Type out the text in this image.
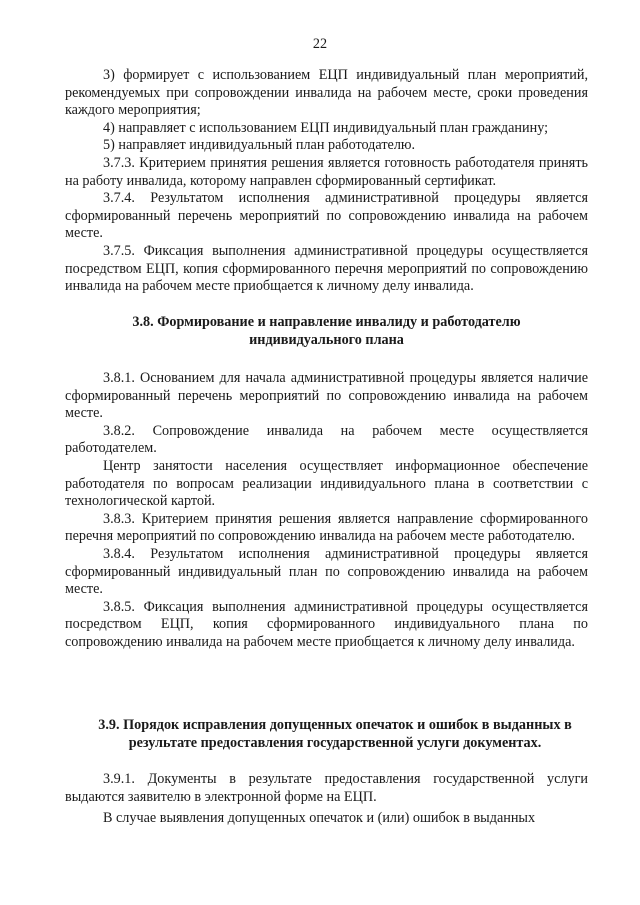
22

3) формирует с использованием ЕЦП индивидуальный план мероприятий, рекомендуемых при сопровождении инвалида на рабочем месте, сроки проведения каждого мероприятия;

4) направляет с использованием ЕЦП индивидуальный план гражданину;

5) направляет индивидуальный план работодателю.

3.7.3. Критерием принятия решения является готовность работодателя принять на работу инвалида, которому направлен сформированный сертификат.

3.7.4. Результатом исполнения административной процедуры является сформированный перечень мероприятий по сопровождению инвалида на рабочем месте.

3.7.5. Фиксация выполнения административной процедуры осуществляется посредством ЕЦП, копия сформированного перечня мероприятий по сопровождению инвалида на рабочем месте приобщается к личному делу инвалида.

3.8. Формирование и направление инвалиду и работодателю

индивидуального плана

3.8.1. Основанием для начала административной процедуры является наличие сформированный перечень мероприятий по сопровождению инвалида на рабочем месте.

3.8.2. Сопровождение инвалида на рабочем месте осуществляется работодателем.

Центр занятости населения осуществляет информационное обеспечение работодателя по вопросам реализации индивидуального плана в соответствии с технологической картой.

3.8.3. Критерием принятия решения является направление сформированного перечня мероприятий по сопровождению инвалида на рабочем месте работодателю.

3.8.4. Результатом исполнения административной процедуры является сформированный индивидуальный план по сопровождению инвалида на рабочем месте.

3.8.5. Фиксация выполнения административной процедуры осуществляется посредством ЕЦП, копия сформированного индивидуального плана по сопровождению инвалида на рабочем месте приобщается к личному делу инвалида.

3.9. Порядок исправления допущенных опечаток и ошибок в выданных в

результате предоставления государственной услуги документах.

3.9.1. Документы в результате предоставления государственной услуги выдаются заявителю в электронной форме на ЕЦП.

В случае выявления допущенных опечаток и (или) ошибок в выданных
